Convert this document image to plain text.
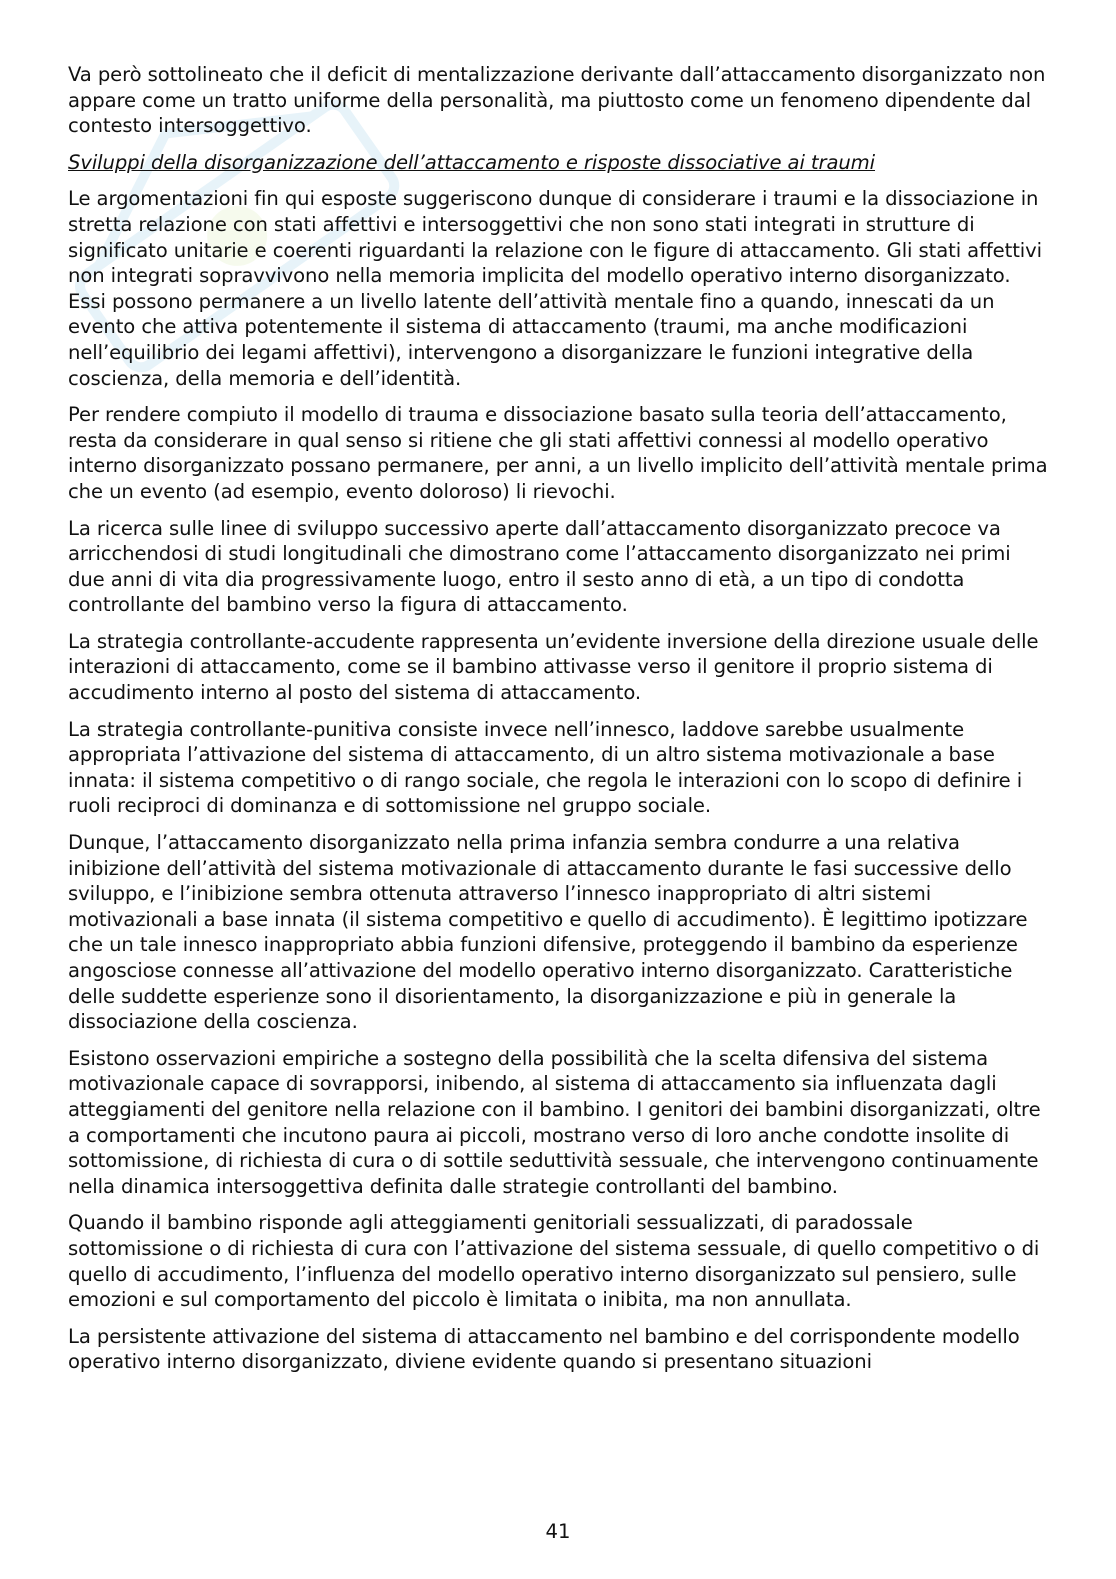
Va però sottolineato che il deficit di mentalizzazione derivante dall’attaccamento disorganizzato non appare come un tratto uniforme della personalità, ma piuttosto come un fenomeno dipendente dal contesto intersoggettivo.

Sviluppi della disorganizzazione dell’attaccamento e risposte dissociative ai traumi

Le argomentazioni fin qui esposte suggeriscono dunque di considerare i traumi e la dissociazione in stretta relazione con stati affettivi e intersoggettivi che non sono stati integrati in strutture di significato unitarie e coerenti riguardanti la relazione con le figure di attaccamento. Gli stati affettivi non integrati sopravvivono nella memoria implicita del modello operativo interno disorganizzato. Essi possono permanere a un livello latente dell’attività mentale fino a quando, innescati da un evento che attiva potentemente il sistema di attaccamento (traumi, ma anche modificazioni nell’equilibrio dei legami affettivi), intervengono a disorganizzare le funzioni integrative della coscienza, della memoria e dell’identità.

Per rendere compiuto il modello di trauma e dissociazione basato sulla teoria dell’attaccamento, resta da considerare in qual senso si ritiene che gli stati affettivi connessi al modello operativo interno disorganizzato possano permanere, per anni, a un livello implicito dell’attività mentale prima che un evento (ad esempio, evento doloroso) li rievochi.

La ricerca sulle linee di sviluppo successivo aperte dall’attaccamento disorganizzato precoce va arricchendosi di studi longitudinali che dimostrano come l’attaccamento disorganizzato nei primi due anni di vita dia progressivamente luogo, entro il sesto anno di età, a un tipo di condotta controllante del bambino verso la figura di attaccamento.

La strategia controllante-accudente rappresenta un’evidente inversione della direzione usuale delle interazioni di attaccamento, come se il bambino attivasse verso il genitore il proprio sistema di accudimento interno al posto del sistema di attaccamento.

La strategia controllante-punitiva consiste invece nell’innesco, laddove sarebbe usualmente appropriata l’attivazione del sistema di attaccamento, di un altro sistema motivazionale a base innata: il sistema competitivo o di rango sociale, che regola le interazioni con lo scopo di definire i ruoli reciproci di dominanza e di sottomissione nel gruppo sociale.

Dunque, l’attaccamento disorganizzato nella prima infanzia sembra condurre a una relativa inibizione dell’attività del sistema motivazionale di attaccamento durante le fasi successive dello sviluppo, e l’inibizione sembra ottenuta attraverso l’innesco inappropriato di altri sistemi motivazionali a base innata (il sistema competitivo e quello di accudimento). È legittimo ipotizzare che un tale innesco inappropriato abbia funzioni difensive, proteggendo il bambino da esperienze angosciose connesse all’attivazione del modello operativo interno disorganizzato. Caratteristiche delle suddette esperienze sono il disorientamento, la disorganizzazione e più in generale la dissociazione della coscienza.

Esistono osservazioni empiriche a sostegno della possibilità che la scelta difensiva del sistema motivazionale capace di sovrapporsi, inibendo, al sistema di attaccamento sia influenzata dagli atteggiamenti del genitore nella relazione con il bambino. I genitori dei bambini disorganizzati, oltre a comportamenti che incutono paura ai piccoli, mostrano verso di loro anche condotte insolite di sottomissione, di richiesta di cura o di sottile seduttività sessuale, che intervengono continuamente nella dinamica intersoggettiva definita dalle strategie controllanti del bambino.

Quando il bambino risponde agli atteggiamenti genitoriali sessualizzati, di paradossale sottomissione o di richiesta di cura con l’attivazione del sistema sessuale, di quello competitivo o di quello di accudimento, l’influenza del modello operativo interno disorganizzato sul pensiero, sulle emozioni e sul comportamento del piccolo è limitata o inibita, ma non annullata.

La persistente attivazione del sistema di attaccamento nel bambino e del corrispondente modello operativo interno disorganizzato, diviene evidente quando si presentano situazioni

41
